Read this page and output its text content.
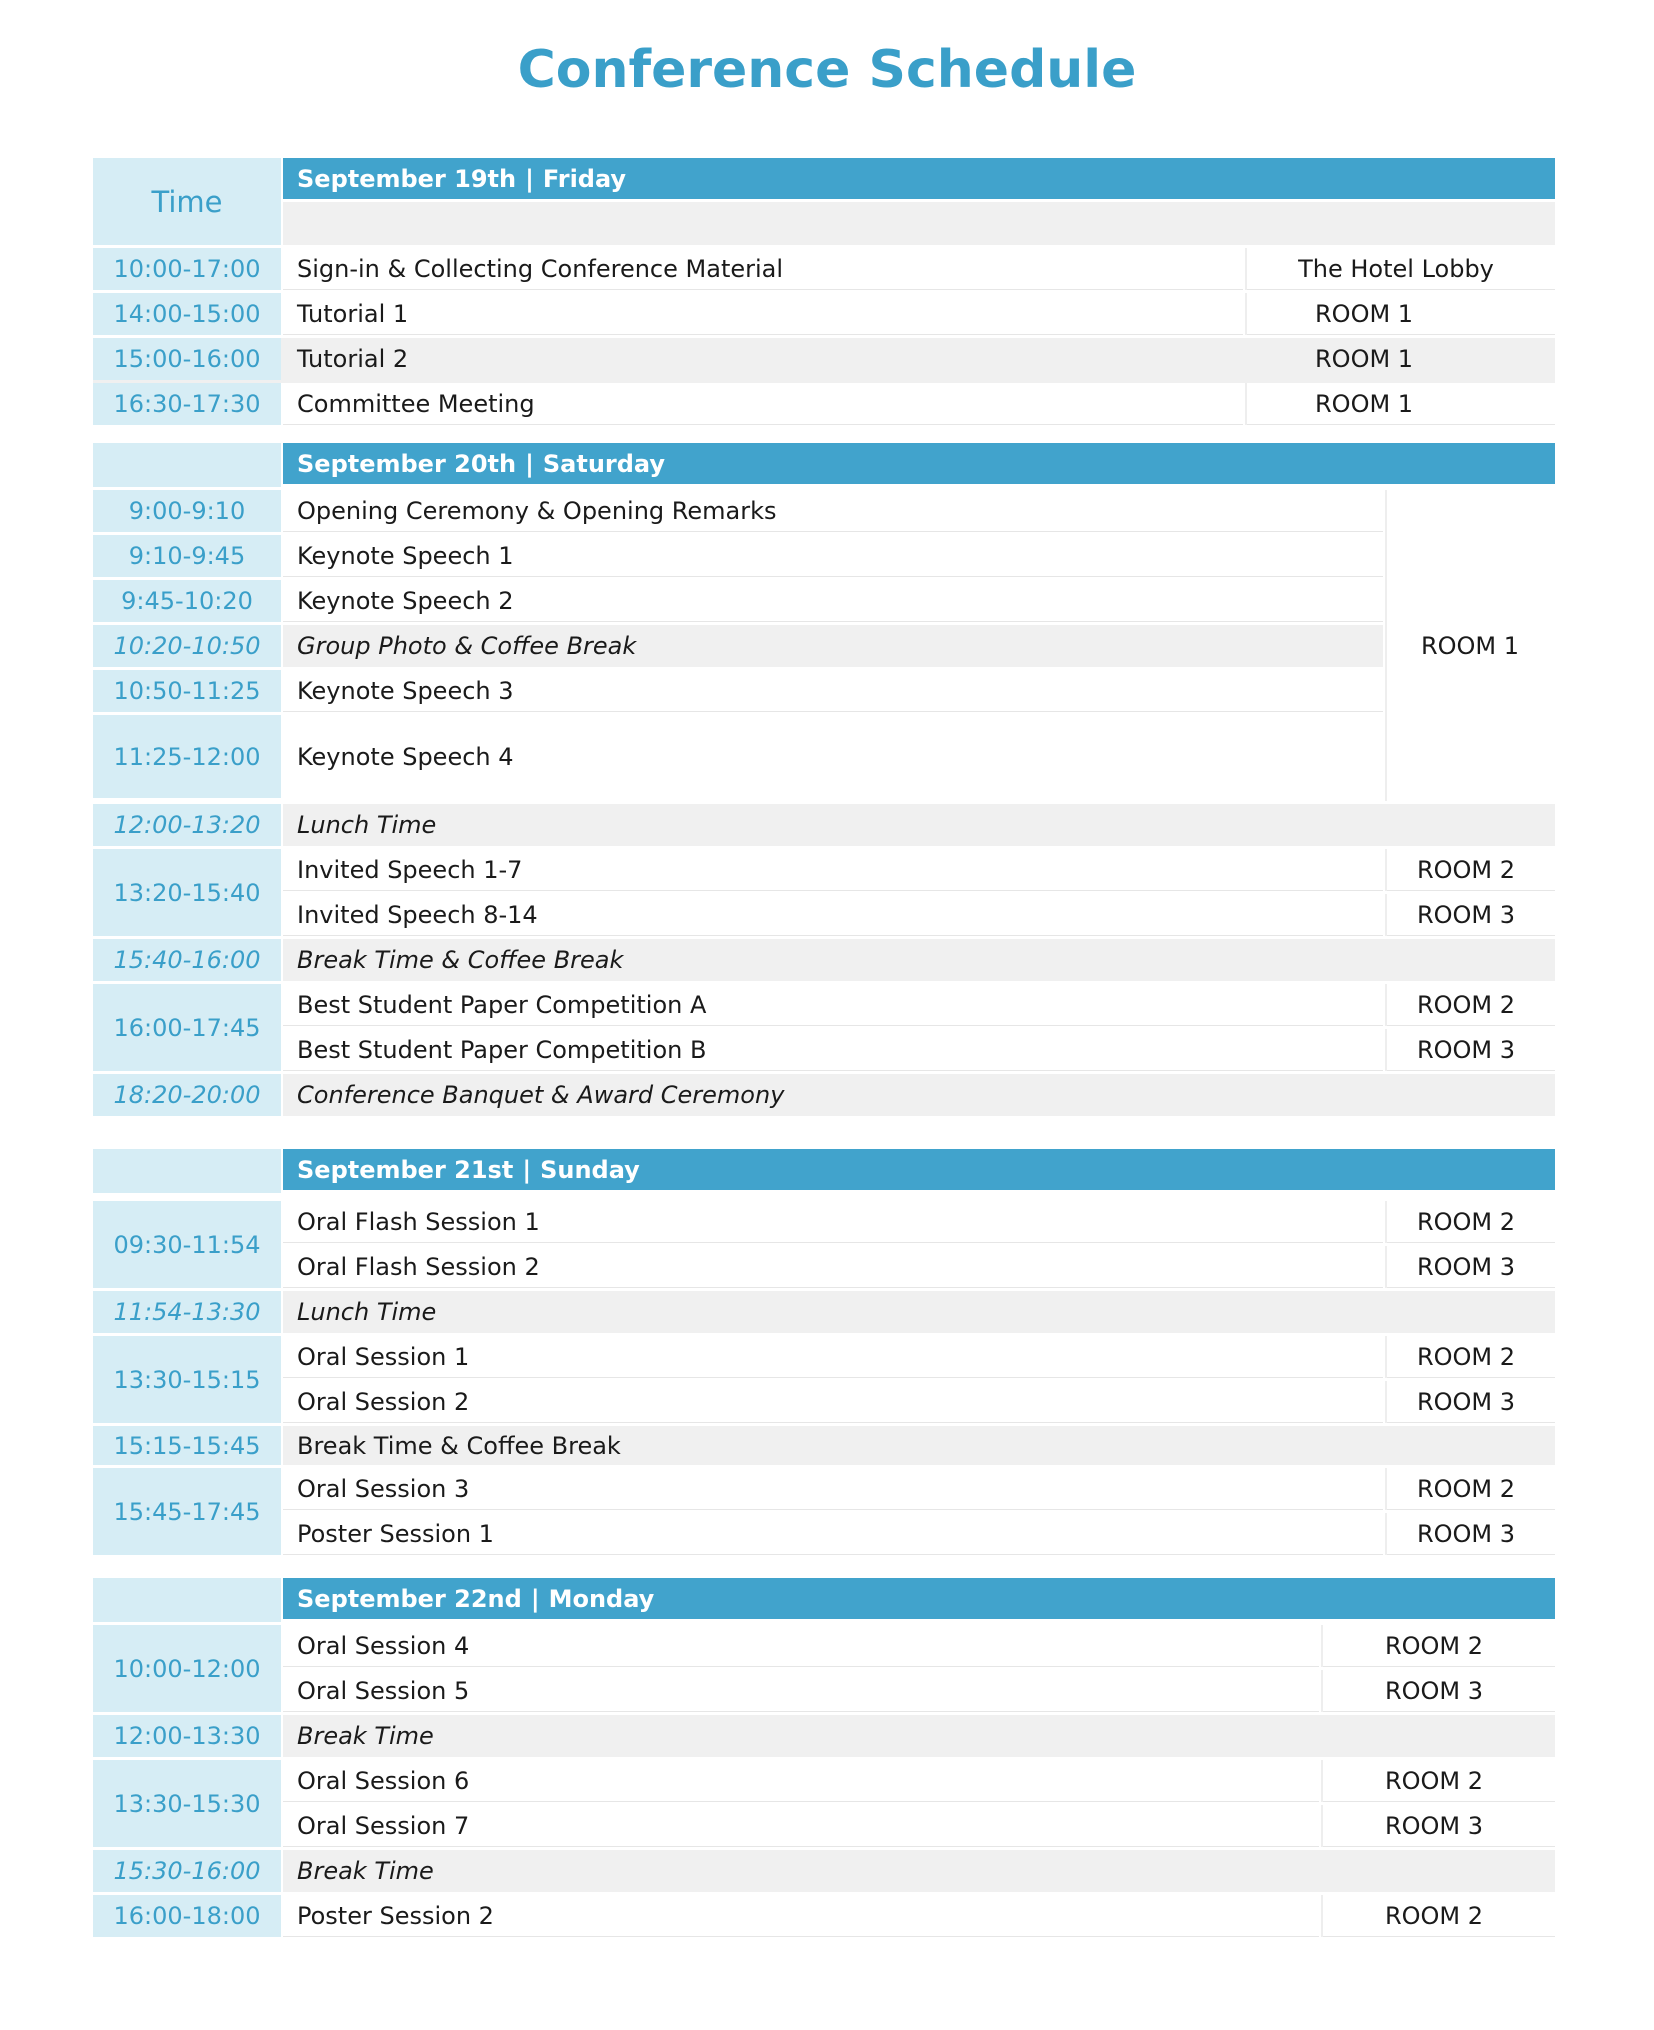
Conference Schedule
Time
September 19th | Friday
10:00-17:00	Sign-in & Collecting Conference Material	The Hotel Lobby
14:00-15:00	Tutorial 1	ROOM 1
15:00-16:00	Tutorial 2	ROOM 1
16:30-17:30	Committee Meeting	ROOM 1
September 20th | Saturday
9:00-9:10	Opening Ceremony & Opening Remarks
9:10-9:45	Keynote Speech 1
9:45-10:20	Keynote Speech 2
10:20-10:50	Group Photo & Coffee Break
10:50-11:25	Keynote Speech 3
11:25-12:00	Keynote Speech 4
ROOM 1
12:00-13:20	Lunch Time
13:20-15:40
Invited Speech 1-7	ROOM 2
Invited Speech 8-14	ROOM 3
15:40-16:00	Break Time & Coffee Break
16:00-17:45
Best Student Paper Competition A	ROOM 2
Best Student Paper Competition B	ROOM 3
18:20-20:00	Conference Banquet & Award Ceremony
September 21st | Sunday
09:30-11:54
Oral Flash Session 1	ROOM 2
Oral Flash Session 2	ROOM 3
11:54-13:30	Lunch Time
13:30-15:15
Oral Session 1	ROOM 2
Oral Session 2	ROOM 3
15:15-15:45	Break Time & Coffee Break
15:45-17:45
Oral Session 3	ROOM 2
Poster Session 1	ROOM 3
September 22nd | Monday
10:00-12:00
Oral Session 4	ROOM 2
Oral Session 5	ROOM 3
12:00-13:30	Break Time
13:30-15:30
Oral Session 6	ROOM 2
Oral Session 7	ROOM 3
15:30-16:00	Break Time
16:00-18:00	Poster Session 2	ROOM 2
